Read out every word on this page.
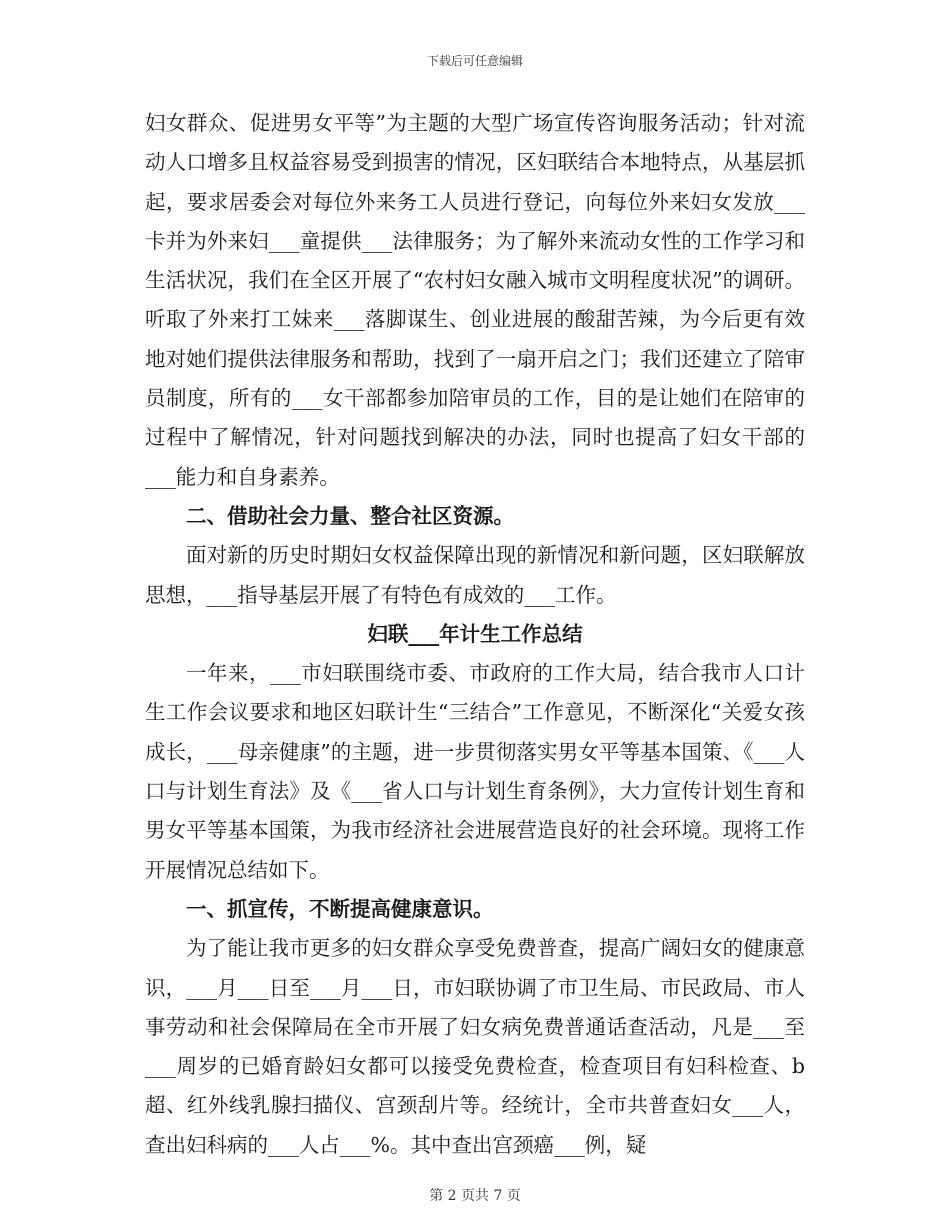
下载后可任意编辑

妇女群众、促进男女平等”为主题的大型广场宣传咨询服务活动；针对流动人口增多且权益容易受到损害的情况，区妇联结合本地特点，从基层抓起，要求居委会对每位外来务工人员进行登记，向每位外来妇女发放___卡并为外来妇___童提供___法律服务；为了解外来流动女性的工作学习和生活状况，我们在全区开展了“农村妇女融入城市文明程度状况”的调研。听取了外来打工妹来___落脚谋生、创业进展的酸甜苦辣，为今后更有效地对她们提供法律服务和帮助，找到了一扇开启之门；我们还建立了陪审员制度，所有的___女干部都参加陪审员的工作，目的是让她们在陪审的过程中了解情况，针对问题找到解决的办法，同时也提高了妇女干部的___能力和自身素养。

二、借助社会力量、整合社区资源。

面对新的历史时期妇女权益保障出现的新情况和新问题，区妇联解放思想，___指导基层开展了有特色有成效的___工作。

妇联___年计生工作总结

一年来，___市妇联围绕市委、市政府的工作大局，结合我市人口计生工作会议要求和地区妇联计生“三结合”工作意见，不断深化“关爱女孩成长，___母亲健康”的主题，进一步贯彻落实男女平等基本国策、《___人口与计划生育法》及《___省人口与计划生育条例》，大力宣传计划生育和男女平等基本国策，为我市经济社会进展营造良好的社会环境。现将工作开展情况总结如下。

一、抓宣传，不断提高健康意识。

为了能让我市更多的妇女群众享受免费普查，提高广阔妇女的健康意识，___月___日至___月___日，市妇联协调了市卫生局、市民政局、市人事劳动和社会保障局在全市开展了妇女病免费普通话查活动，凡是___至___周岁的已婚育龄妇女都可以接受免费检查，检查项目有妇科检查、b超、红外线乳腺扫描仪、宫颈刮片等。经统计，全市共普查妇女___人，查出妇科病的___人占___%。其中查出宫颈癌___例，疑

第 2 页共 7 页
